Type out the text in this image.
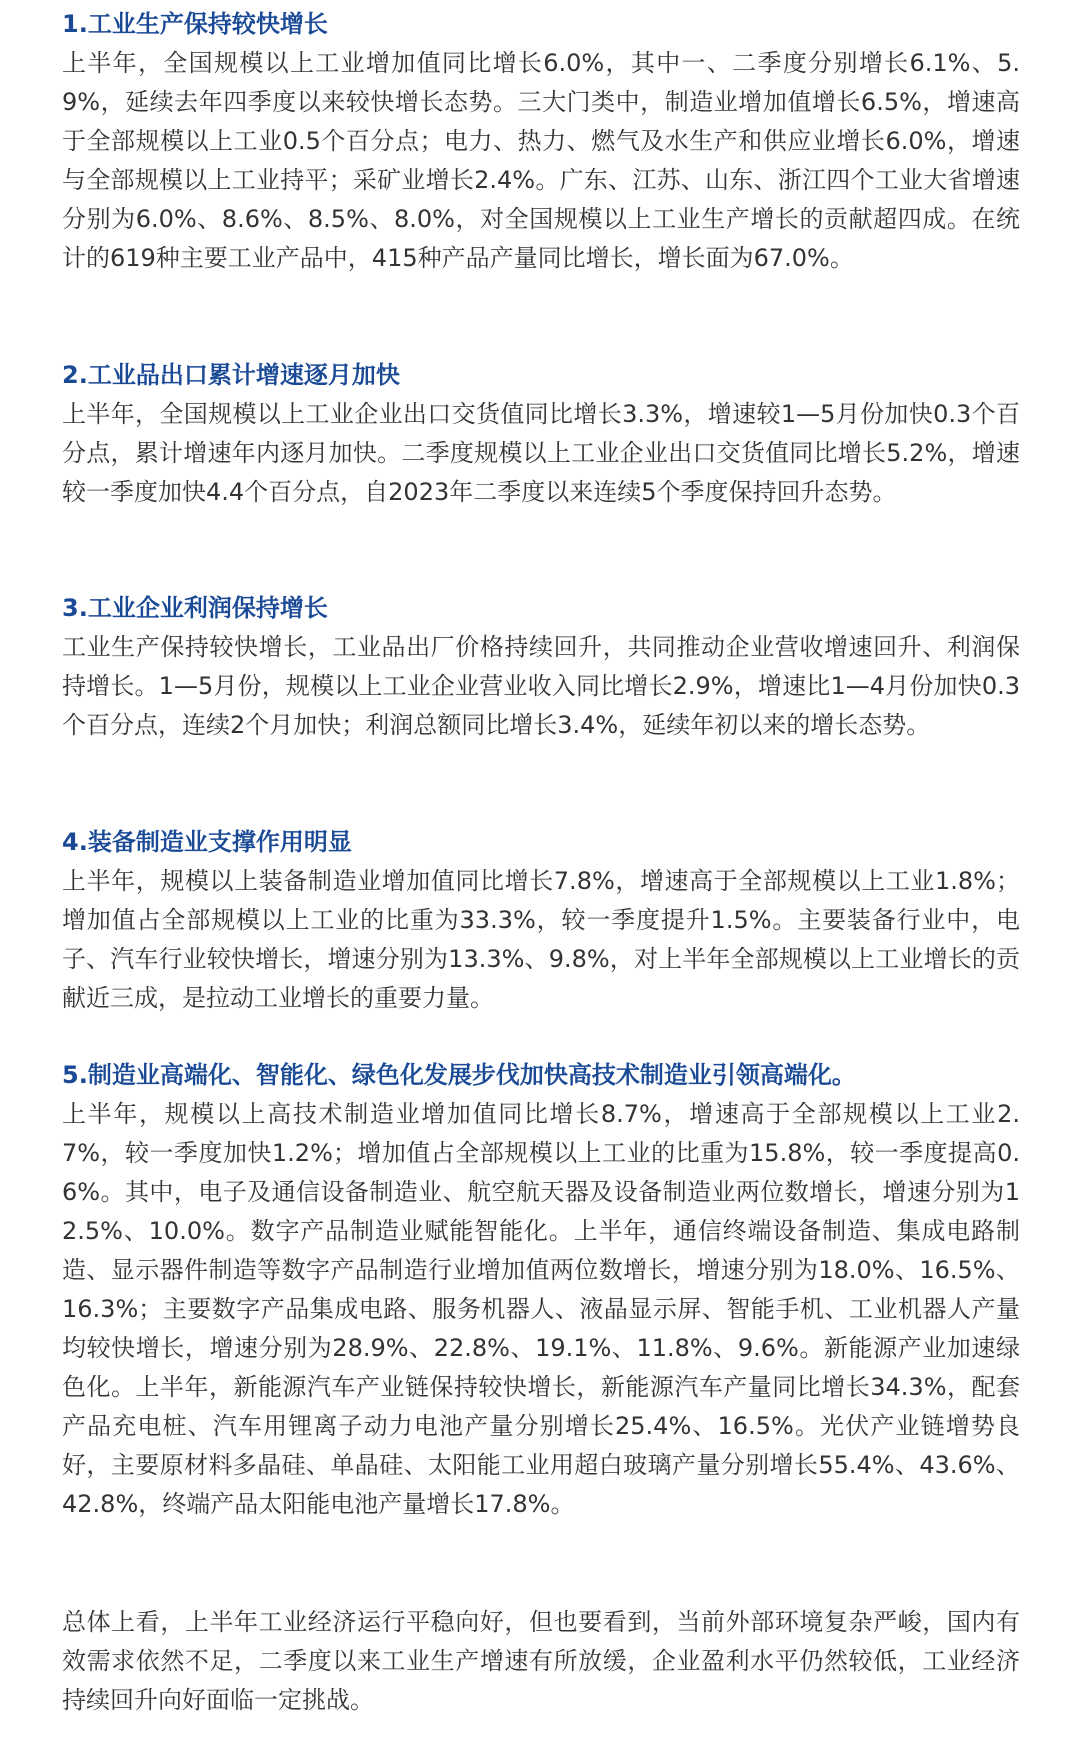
1.工业生产保持较快增长

上半年，全国规模以上工业增加值同比增长6.0%，其中一、二季度分别增长6.1%、5.9%，延续去年四季度以来较快增长态势。三大门类中，制造业增加值增长6.5%，增速高于全部规模以上工业0.5个百分点；电力、热力、燃气及水生产和供应业增长6.0%，增速与全部规模以上工业持平；采矿业增长2.4%。广东、江苏、山东、浙江四个工业大省增速分别为6.0%、8.6%、8.5%、8.0%，对全国规模以上工业生产增长的贡献超四成。在统计的619种主要工业产品中，415种产品产量同比增长，增长面为67.0%。

2.工业品出口累计增速逐月加快

上半年，全国规模以上工业企业出口交货值同比增长3.3%，增速较1—5月份加快0.3个百分点，累计增速年内逐月加快。二季度规模以上工业企业出口交货值同比增长5.2%，增速较一季度加快4.4个百分点，自2023年二季度以来连续5个季度保持回升态势。

3.工业企业利润保持增长

工业生产保持较快增长，工业品出厂价格持续回升，共同推动企业营收增速回升、利润保持增长。1—5月份，规模以上工业企业营业收入同比增长2.9%，增速比1—4月份加快0.3个百分点，连续2个月加快；利润总额同比增长3.4%，延续年初以来的增长态势。

4.装备制造业支撑作用明显

上半年，规模以上装备制造业增加值同比增长7.8%，增速高于全部规模以上工业1.8%；增加值占全部规模以上工业的比重为33.3%，较一季度提升1.5%。主要装备行业中，电子、汽车行业较快增长，增速分别为13.3%、9.8%，对上半年全部规模以上工业增长的贡献近三成，是拉动工业增长的重要力量。

5.制造业高端化、智能化、绿色化发展步伐加快高技术制造业引领高端化。

上半年，规模以上高技术制造业增加值同比增长8.7%，增速高于全部规模以上工业2.7%，较一季度加快1.2%；增加值占全部规模以上工业的比重为15.8%，较一季度提高0.6%。其中，电子及通信设备制造业、航空航天器及设备制造业两位数增长，增速分别为12.5%、10.0%。数字产品制造业赋能智能化。上半年，通信终端设备制造、集成电路制造、显示器件制造等数字产品制造行业增加值两位数增长，增速分别为18.0%、16.5%、16.3%；主要数字产品集成电路、服务机器人、液晶显示屏、智能手机、工业机器人产量均较快增长，增速分别为28.9%、22.8%、19.1%、11.8%、9.6%。新能源产业加速绿色化。上半年，新能源汽车产业链保持较快增长，新能源汽车产量同比增长34.3%，配套产品充电桩、汽车用锂离子动力电池产量分别增长25.4%、16.5%。光伏产业链增势良好，主要原材料多晶硅、单晶硅、太阳能工业用超白玻璃产量分别增长55.4%、43.6%、42.8%，终端产品太阳能电池产量增长17.8%。

总体上看，上半年工业经济运行平稳向好，但也要看到，当前外部环境复杂严峻，国内有效需求依然不足，二季度以来工业生产增速有所放缓，企业盈利水平仍然较低，工业经济持续回升向好面临一定挑战。
